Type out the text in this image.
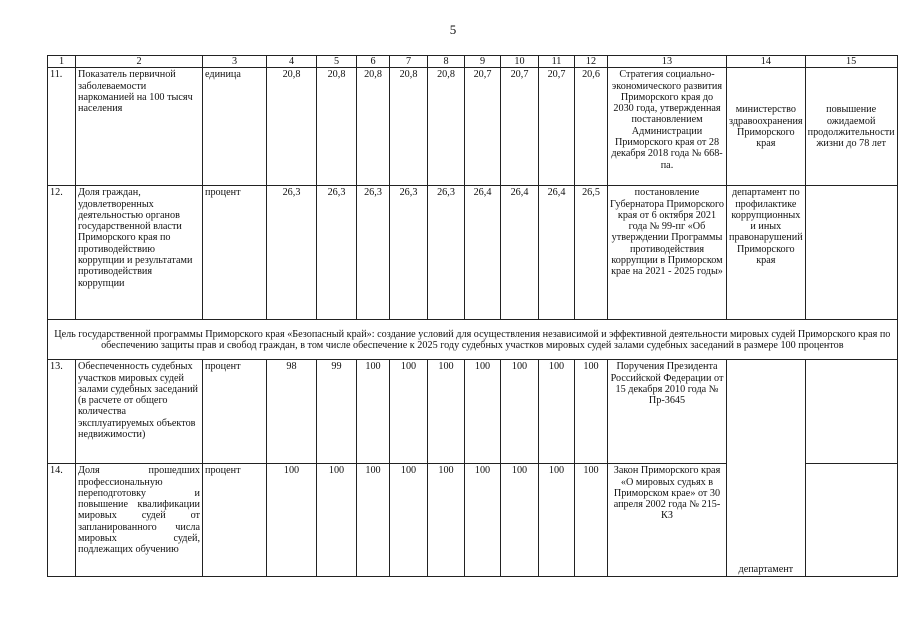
5
1	2	3	4	5	6	7	8	9	10	11	12	13	14	15
11.	Показатель первичной заболеваемости наркоманией на 100 тысяч населения	единица	20,8	20,8	20,8	20,8	20,8	20,7	20,7	20,7	20,6	Стратегия социально-экономического развития Приморского края до 2030 года, утвержденная постановлением Администрации Приморского края от 28 декабря 2018 года № 668-па.	министерство здравоохранения Приморского края	повышение ожидаемой продолжительности жизни до 78 лет
12.	Доля граждан, удовлетворенных деятельностью органов государственной власти Приморского края по противодействию коррупции и результатами противодействия коррупции	процент	26,3	26,3	26,3	26,3	26,3	26,4	26,4	26,4	26,5	постановление Губернатора Приморского края от 6 октября 2021 года № 99-пг «Об утверждении Программы противодействия коррупции в Приморском крае на 2021 - 2025 годы»	департамент по профилактике коррупционных и иных правонарушений Приморского края	
Цель государственной программы Приморского края «Безопасный край»: создание условий для осуществления независимой и эффективной деятельности мировых судей Приморского края по обеспечению защиты прав и свобод граждан, в том числе обеспечение к 2025 году судебных участков мировых судей залами судебных заседаний в размере 100 процентов														
13.	Обеспеченность судебных участков мировых судей залами судебных заседаний (в расчете от общего количества эксплуатируемых объектов недвижимости)	процент	98	99	100	100	100	100	100	100	100	Поручения Президента Российской Федерации от 15 декабря 2010 года № Пр-3645		
14.	Доля прошедших профессиональную переподготовку и повышение квалификации мировых судей от запланированного числа мировых судей, подлежащих обучению	процент	100	100	100	100	100	100	100	100	100	Закон Приморского края «О мировых судьях в Приморском крае» от 30 апреля 2002 года № 215-КЗ	департамент	
